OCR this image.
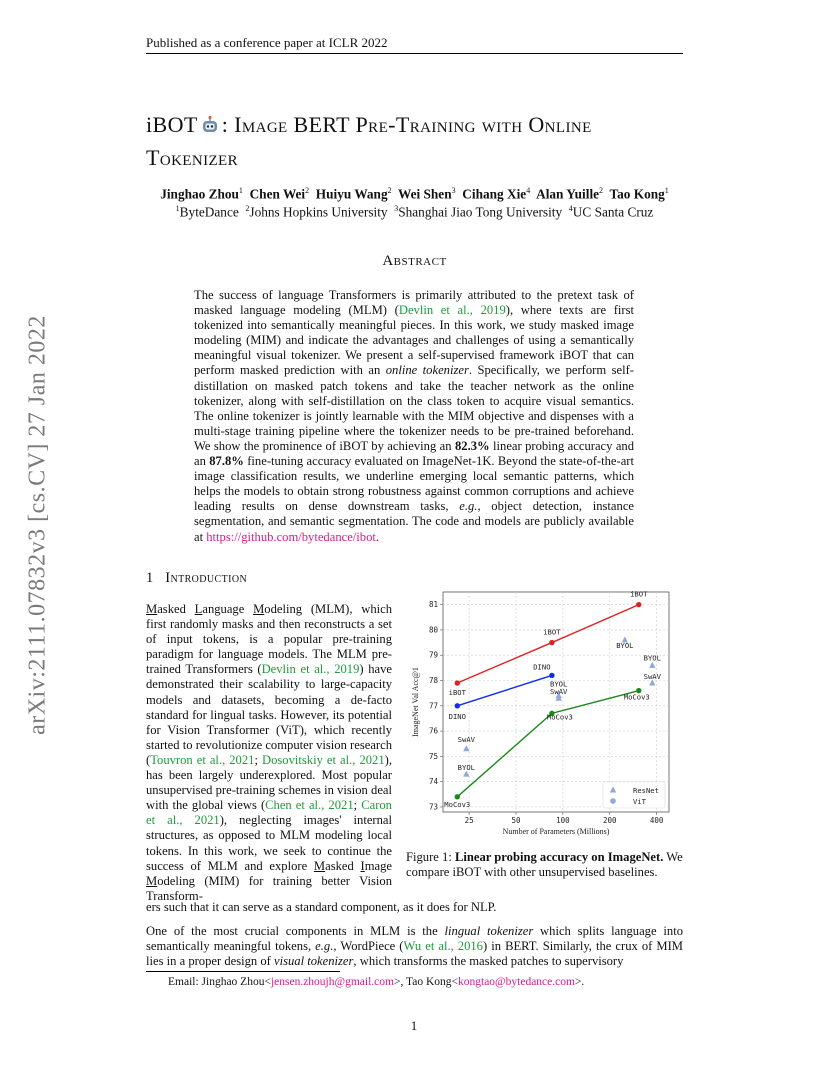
Published as a conference paper at ICLR 2022
arXiv:2111.07832v3 [cs.CV] 27 Jan 2022
iBOT : Image BERT Pre-Training with Online
Tokenizer
Jinghao Zhou$^1$ Chen Wei$^2$ Huiyu Wang$^2$ Wei Shen$^3$ Cihang Xie$^4$ Alan Yuille$^2$ Tao Kong$^1$
$^1$ByteDance $^2$Johns Hopkins University $^3$Shanghai Jiao Tong University $^4$UC Santa Cruz
Abstract
The success of language Transformers is primarily attributed to the pretext task of masked language modeling (MLM) (Devlin et al., 2019), where texts are first tokenized into semantically meaningful pieces. In this work, we study masked image modeling (MIM) and indicate the advantages and challenges of using a semantically meaningful visual tokenizer. We present a self-supervised framework iBOT that can perform masked prediction with an online tokenizer. Specifically, we perform self-distillation on masked patch tokens and take the teacher network as the online tokenizer, along with self-distillation on the class token to acquire visual semantics. The online tokenizer is jointly learnable with the MIM objective and dispenses with a multi-stage training pipeline where the tokenizer needs to be pre-trained beforehand. We show the prominence of iBOT by achieving an 82.3% linear probing accuracy and an 87.8% fine-tuning accuracy evaluated on ImageNet-1K. Beyond the state-of-the-art image classification results, we underline emerging local semantic patterns, which helps the models to obtain strong robustness against common corruptions and achieve leading results on dense downstream tasks, e.g., object detection, instance segmentation, and semantic segmentation. The code and models are publicly available at https://github.com/bytedance/ibot.
1 Introduction
Masked Language Modeling (MLM), which first randomly masks and then reconstructs a set of input tokens, is a popular pre-training paradigm for language models. The MLM pre-trained Transformers (Devlin et al., 2019) have demonstrated their scalability to large-capacity models and datasets, becoming a de-facto standard for lingual tasks. However, its potential for Vision Transformer (ViT), which recently started to revolutionize computer vision research (Touvron et al., 2021; Dosovitskiy et al., 2021), has been largely underexplored. Most popular unsupervised pre-training schemes in vision deal with the global views (Chen et al., 2021; Caron et al., 2021), neglecting images' internal structures, as opposed to MLM modeling local tokens. In this work, we seek to continue the success of MLM and explore Masked Image Modeling (MIM) for training better Vision Transform-
ers such that it can serve as a standard component, as it does for NLP.
25	50	100	200	400
73
74
75
76
77
78
79
80
81
Number of Parameters (Millions)
ImageNet Val Acc@1
SwAV
BYOL
BYOL
SwAV
BYOL
BYOL
SwAV
iBOT
iBOT
iBOT
DINO
DINO
MoCov3
MoCov3
MoCov3
ResNet
ViT
Figure 1: Linear probing accuracy on ImageNet. We compare iBOT with other unsupervised baselines.
One of the most crucial components in MLM is the lingual tokenizer which splits language into semantically meaningful tokens, e.g., WordPiece (Wu et al., 2016) in BERT. Similarly, the crux of MIM lies in a proper design of visual tokenizer, which transforms the masked patches to supervisory
Email: Jinghao Zhou<jensen.zhoujh@gmail.com>, Tao Kong<kongtao@bytedance.com>.
1
